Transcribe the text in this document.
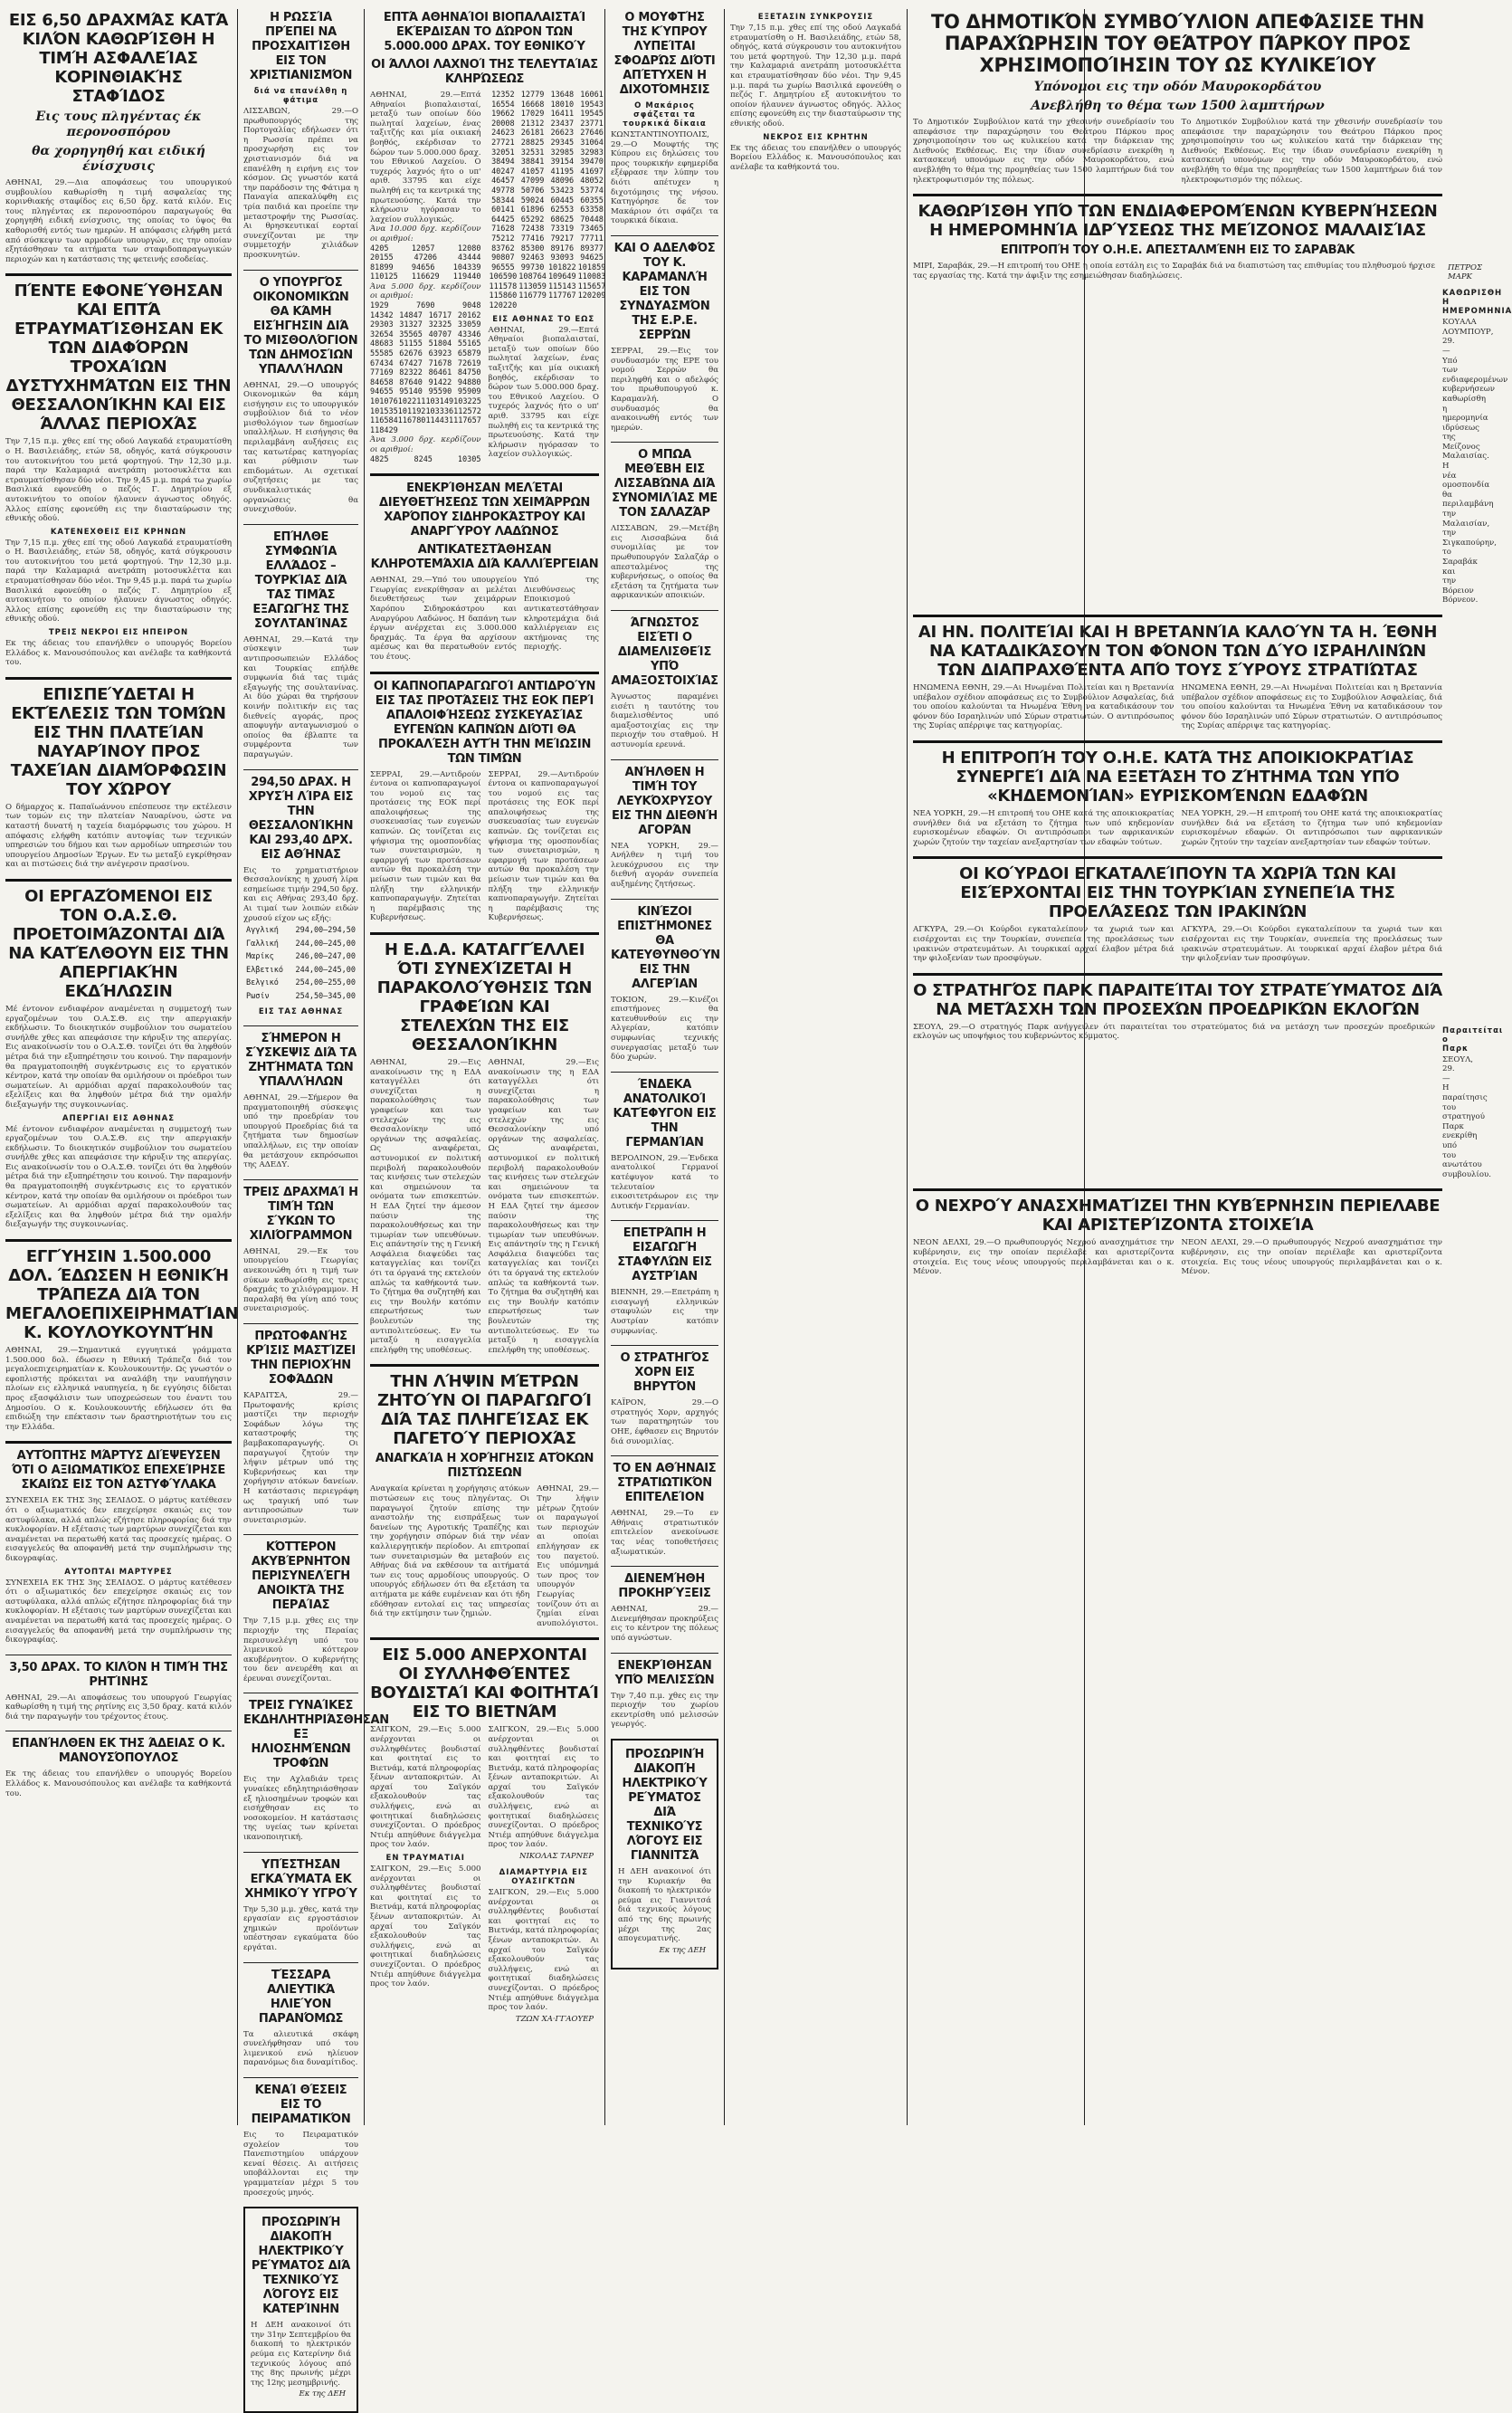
ΕΙΣ 6,50 ΔΡΑΧΜΆΣ ΚΑΤΆ ΚΙΛΌΝ ΚΑΘΩΡΊΣΘΗ Η ΤΙΜΉ ΑΣΦΑΛΕΊΑΣ ΚΟΡΙΝΘΙΑΚΉΣ ΣΤΑΦΊΔΟΣ
Εις τους πληγέντας έκ περονοσπόρου
θα χορηγηθή και ειδική ένίσχυσις

ΑΘΗΝΑΙ, 29.—Δια αποφάσεως του υπουργικού συμβουλίου καθωρίσθη η τιμή ασφαλείας της κορινθιακής σταφίδος εις 6,50 δρχ. κατά κιλόν. Εις τους πληγέντας εκ περονοσπόρου παραγωγούς θα χορηγηθή ειδική ενίσχυσις, της οποίας το ύψος θα καθορισθή εντός των ημερών. Η απόφασις ελήφθη μετά από σύσκεψιν των αρμοδίων υπουργών, εις την οποίαν εξητάσθησαν τα αιτήματα των σταφιδοπαραγωγικών περιοχών και η κατάστασις της φετεινής εσοδείας.

ΠΈΝΤΕ ΕΦΟΝΕΎΘΗΣΑΝ ΚΑΙ ΕΠΤΆ ΕΤΡΑΥΜΑΤΊΣΘΗΣΑΝ ΕΚ ΤΩΝ ΔΙΑΦΌΡΩΝ ΤΡΟΧΑΊΩΝ ΔΥΣΤΥΧΗΜΆΤΩΝ ΕΙΣ ΤΗΝ ΘΕΣΣΑΛΟΝΊΚΗΝ ΚΑΙ ΕΙΣ ΆΛΛΑΣ ΠΕΡΙΟΧΆΣ

Την 7,15 π.μ. χθες επί της οδού Λαγκαδά ετραυματίσθη ο Η. Βασιλειάδης, ετών 58, οδηγός, κατά σύγκρουσιν του αυτοκινήτου του μετά φορτηγού. Την 12,30 μ.μ. παρά την Καλαμαριά ανετράπη μοτοσυκλέττα και ετραυματίσθησαν δύο νέοι. Την 9,45 μ.μ. παρά τω χωρίω Βασιλικά εφονεύθη ο πεζός Γ. Δημητρίου εξ αυτοκινήτου το οποίον ήλαυνεν άγνωστος οδηγός. Άλλος επίσης εφονεύθη εις την διασταύρωσιν της εθνικής οδού.

ΚΑΤΕΝΕΧΘΕΙΣ ΕΙΣ ΚΡΗΝΩΝ

Την 7,15 π.μ. χθες επί της οδού Λαγκαδά ετραυματίσθη ο Η. Βασιλειάδης, ετών 58, οδηγός, κατά σύγκρουσιν του αυτοκινήτου του μετά φορτηγού. Την 12,30 μ.μ. παρά την Καλαμαριά ανετράπη μοτοσυκλέττα και ετραυματίσθησαν δύο νέοι. Την 9,45 μ.μ. παρά τω χωρίω Βασιλικά εφονεύθη ο πεζός Γ. Δημητρίου εξ αυτοκινήτου το οποίον ήλαυνεν άγνωστος οδηγός. Άλλος επίσης εφονεύθη εις την διασταύρωσιν της εθνικής οδού.

ΤΡΕΙΣ ΝΕΚΡΟΙ ΕΙΣ ΗΠΕΙΡΟΝ

Εκ της άδειας του επανήλθεν ο υπουργός Βορείου Ελλάδος κ. Μανουσόπουλος και ανέλαβε τα καθήκοντά του.

ΕΠΙΣΠΕΎΔΕΤΑΙ Η ΕΚΤΈΛΕΣΙΣ ΤΩΝ ΤΟΜΏΝ ΕΙΣ ΤΗΝ ΠΛΑΤΕΊΑΝ ΝΑΥΑΡΊΝΟΥ ΠΡΟΣ ΤΑΧΕΊΑΝ ΔΙΑΜΌΡΦΩΣΙΝ ΤΟΥ ΧΏΡΟΥ

Ο δήμαρχος κ. Παπαϊωάννου επέσπευσε την εκτέλεσιν των τομών εις την πλατείαν Ναυαρίνου, ώστε να καταστή δυνατή η ταχεία διαμόρφωσις του χώρου. Η απόφασις ελήφθη κατόπιν αυτοψίας των τεχνικών υπηρεσιών του δήμου και των αρμοδίων υπηρεσιών του υπουργείου Δημοσίων Έργων. Εν τω μεταξύ εγκρίθησαν και αι πιστώσεις διά την ανέγερσιν πρασίνου.

ΟΙ ΕΡΓΑΖΌΜΕΝΟΙ ΕΙΣ ΤΟΝ Ο.Α.Σ.Θ. ΠΡΟΕΤΟΙΜΆΖΟΝΤΑΙ ΔΙΆ ΝΑ ΚΑΤΈΛΘΟΥΝ ΕΙΣ ΤΗΝ ΑΠΕΡΓΙΑΚΉΝ ΕΚΔΉΛΩΣΙΝ

Μέ έντονον ενδιαφέρον αναμένεται η συμμετοχή των εργαζομένων του Ο.Α.Σ.Θ. εις την απεργιακήν εκδήλωσιν. Το διοικητικόν συμβούλιον του σωματείου συνήλθε χθες και απεφάσισε την κήρυξιν της απεργίας. Εις ανακοίνωσίν του ο Ο.Α.Σ.Θ. τονίζει ότι θα ληφθούν μέτρα διά την εξυπηρέτησιν του κοινού. Την παραμονήν θα πραγματοποιηθή συγκέντρωσις εις το εργατικόν κέντρον, κατά την οποίαν θα ομιλήσουν οι πρόεδροι των σωματείων. Αι αρμόδιαι αρχαί παρακολουθούν τας εξελίξεις και θα ληφθούν μέτρα διά την ομαλήν διεξαγωγήν της συγκοινωνίας.

ΑΠΕΡΓΙΑΙ ΕΙΣ ΑΘΗΝΑΣ

Μέ έντονον ενδιαφέρον αναμένεται η συμμετοχή των εργαζομένων του Ο.Α.Σ.Θ. εις την απεργιακήν εκδήλωσιν. Το διοικητικόν συμβούλιον του σωματείου συνήλθε χθες και απεφάσισε την κήρυξιν της απεργίας. Εις ανακοίνωσίν του ο Ο.Α.Σ.Θ. τονίζει ότι θα ληφθούν μέτρα διά την εξυπηρέτησιν του κοινού. Την παραμονήν θα πραγματοποιηθή συγκέντρωσις εις το εργατικόν κέντρον, κατά την οποίαν θα ομιλήσουν οι πρόεδροι των σωματείων. Αι αρμόδιαι αρχαί παρακολουθούν τας εξελίξεις και θα ληφθούν μέτρα διά την ομαλήν διεξαγωγήν της συγκοινωνίας.

ΕΓΓΎΗΣΙΝ 1.500.000 ΔΟΛ. ΈΔΩΣΕΝ Η ΕΘΝΙΚΉ ΤΡΆΠΕΖΑ ΔΙΆ ΤΟΝ ΜΕΓΑΛΟΕΠΙΧΕΙΡΗΜΑΤΊΑΝ Κ. ΚΟΥΛΟΥΚΟΥΝΤΉΝ

ΑΘΗΝΑΙ, 29.—Σημαντικά εγγυητικά γράμματα 1.500.000 δολ. έδωσεν η Εθνική Τράπεζα διά τον μεγαλοεπιχειρηματίαν κ. Κουλουκουντήν. Ως γνωστόν ο εφοπλιστής πρόκειται να αναλάβη την ναυπήγησιν πλοίων εις ελληνικά ναυπηγεία, η δε εγγύησις δίδεται προς εξασφάλισιν των υποχρεώσεων του έναντι του Δημοσίου. Ο κ. Κουλουκουντής εδήλωσεν ότι θα επιδιώξη την επέκτασιν των δραστηριοτήτων του εις την Ελλάδα.

ΑΥΤΌΠΤΗΣ ΜΆΡΤΥΣ ΔΙΈΨΕΥΣΕΝ ΌΤΙ Ο ΑΞΙΩΜΑΤΙΚΌΣ ΕΠΕΧΕΊΡΗΣΕ ΣΚΑΙΏΣ ΕΙΣ ΤΟΝ ΑΣΤΥΦΎΛΑΚΑ

ΣΥΝΕΧΕΙΑ ΕΚ ΤΗΣ 3ης ΣΕΛΙΔΟΣ. Ο μάρτυς κατέθεσεν ότι ο αξιωματικός δεν επεχείρησε σκαιώς εις τον αστυφύλακα, αλλά απλώς εζήτησε πληροφορίας διά την κυκλοφορίαν. Η εξέτασις των μαρτύρων συνεχίζεται και αναμένεται να περατωθή κατά τας προσεχείς ημέρας. Ο εισαγγελεύς θα αποφανθή μετά την συμπλήρωσιν της δικογραφίας.

ΑΥΤΟΠΤΑΙ ΜΑΡΤΥΡΕΣ

ΣΥΝΕΧΕΙΑ ΕΚ ΤΗΣ 3ης ΣΕΛΙΔΟΣ. Ο μάρτυς κατέθεσεν ότι ο αξιωματικός δεν επεχείρησε σκαιώς εις τον αστυφύλακα, αλλά απλώς εζήτησε πληροφορίας διά την κυκλοφορίαν. Η εξέτασις των μαρτύρων συνεχίζεται και αναμένεται να περατωθή κατά τας προσεχείς ημέρας. Ο εισαγγελεύς θα αποφανθή μετά την συμπλήρωσιν της δικογραφίας.

3,50 ΔΡΑΧ. ΤΟ ΚΙΛΌΝ Η ΤΙΜΉ ΤΗΣ ΡΗΤΊΝΗΣ

ΑΘΗΝΑΙ, 29.—Αι αποφάσεως του υπουργού Γεωργίας καθωρίσθη η τιμή της ρητίνης εις 3,50 δραχ. κατά κιλόν διά την παραγωγήν του τρέχοντος έτους.

ΕΠΑΝΉΛΘΕΝ ΕΚ ΤΗΣ ΆΔΕΙΑΣ Ο Κ. ΜΑΝΟΥΣΌΠΟΥΛΟΣ

Εκ της άδειας του επανήλθεν ο υπουργός Βορείου Ελλάδος κ. Μανουσόπουλος και ανέλαβε τα καθήκοντά του.

Η ΡΩΣΣΊΑ ΠΡΈΠΕΙ ΝΑ ΠΡΟΣΧΑΙΤΊΣΘΗ ΕΙΣ ΤΟΝ ΧΡΙΣΤΙΑΝΙΣΜΌΝ
διά να επανέλθη η φάτιμα

ΛΙΣΣΑΒΩΝ, 29.—Ο πρωθυπουργός της Πορτογαλίας εδήλωσεν ότι η Ρωσσία πρέπει να προσχωρήση εις τον χριστιανισμόν διά να επανέλθη η ειρήνη εις τον κόσμον. Ως γνωστόν κατά την παράδοσιν της Φάτιμα η Παναγία απεκαλύφθη εις τρία παιδιά και προείπε την μεταστροφήν της Ρωσσίας. Αι θρησκευτικαί εορταί συνεχίζονται με την συμμετοχήν χιλιάδων προσκυνητών.

Ο ΥΠΟΥΡΓΌΣ ΟΙΚΟΝΟΜΙΚΏΝ ΘΑ ΚΆΜΗ ΕΙΣΉΓΗΣΙΝ ΔΙΆ ΤΟ ΜΙΣΘΟΛΌΓΙΟΝ ΤΩΝ ΔΗΜΟΣΊΩΝ ΥΠΑΛΛΉΛΩΝ

ΑΘΗΝΑΙ, 29.—Ο υπουργός Οικονομικών θα κάμη εισήγησιν εις το υπουργικόν συμβούλιον διά το νέον μισθολόγιον των δημοσίων υπαλλήλων. Η εισήγησις θα περιλαμβάνη αυξήσεις εις τας κατωτέρας κατηγορίας και ρύθμισιν των επιδομάτων. Αι σχετικαί συζητήσεις με τας συνδικαλιστικάς οργανώσεις θα συνεχισθούν.

ΕΠΉΛΘΕ ΣΥΜΦΩΝΊΑ ΕΛΛΆΔΟΣ – ΤΟΥΡΚΊΑΣ ΔΙΆ ΤΑΣ ΤΙΜΆΣ ΕΞΑΓΩΓΉΣ ΤΗΣ ΣΟΥΛΤΑΝΊΝΑΣ

ΑΘΗΝΑΙ, 29.—Κατά την σύσκεψιν των αντιπροσωπειών Ελλάδος και Τουρκίας επήλθε συμφωνία διά τας τιμάς εξαγωγής της σουλτανίνας. Αι δύο χώραι θα τηρήσουν κοινήν πολιτικήν εις τας διεθνείς αγοράς, προς αποφυγήν ανταγωνισμού ο οποίος θα έβλαπτε τα συμφέροντα των παραγωγών.

294,50 ΔΡΑΧ. Η ΧΡΥΣΉ ΛΊΡΑ ΕΙΣ ΤΗΝ ΘΕΣΣΑΛΟΝΊΚΗΝ ΚΑΙ 293,40 ΔΡΧ. ΕΙΣ ΑΘΉΝΑΣ

Εις το χρηματιστήριον Θεσσαλονίκης η χρυσή λίρα εσημείωσε τιμήν 294,50 δρχ. και εις Αθήνας 293,40 δρχ. Αι τιμαί των λοιπών ειδών χρυσού είχον ως εξής:

Αγγλική	294,00—294,50
Γαλλική	244,00—245,00
Μαρίκς	246,00—247,00
Ελβετικό	244,00—245,00
Βελγικό	254,00—255,00
Ρωσίν	254,50—345,00
ΕΙΣ ΤΑΣ ΑΘΗΝΑΣ
ΣΉΜΕΡΟΝ Η ΣΎΣΚΕΨΙΣ ΔΙΆ ΤΑ ΖΗΤΉΜΑΤΑ ΤΩΝ ΥΠΑΛΛΉΛΩΝ

ΑΘΗΝΑΙ, 29.—Σήμερον θα πραγματοποιηθή σύσκεψις υπό την προεδρίαν του υπουργού Προεδρίας διά τα ζητήματα των δημοσίων υπαλλήλων, εις την οποίαν θα μετάσχουν εκπρόσωποι της ΑΔΕΔΥ.

ΤΡΕΙΣ ΔΡΑΧΜΑΊ Η ΤΙΜΉ ΤΩΝ ΣΎΚΩΝ ΤΟ ΧΙΛΙΌΓΡΑΜΜΟΝ

ΑΘΗΝΑΙ, 29.—Εκ του υπουργείου Γεωργίας ανεκοινώθη ότι η τιμή των σύκων καθωρίσθη εις τρεις δραχμάς το χιλιόγραμμον. Η παραλαβή θα γίνη από τους συνεταιρισμούς.

ΠΡΩΤΟΦΑΝΉΣ ΚΡΊΣΙΣ ΜΑΣΤΊΖΕΙ ΤΗΝ ΠΕΡΙΟΧΉΝ ΣΟΦΆΔΩΝ

ΚΑΡΔΙΤΣΑ, 29.—Πρωτοφανής κρίσις μαστίζει την περιοχήν Σοφάδων λόγω της καταστροφής της βαμβακοπαραγωγής. Οι παραγωγοί ζητούν την λήψιν μέτρων υπό της Κυβερνήσεως και την χορήγησιν ατόκων δανείων. Η κατάστασις περιεγράφη ως τραγική υπό των αντιπροσώπων των συνεταιρισμών.

ΚΌΤΤΕΡΟΝ ΑΚΥΒΈΡΝΗΤΟΝ ΠΕΡΙΣΥΝΕΛΈΓΗ ΑΝΟΙΚΤΆ ΤΗΣ ΠΕΡΑΊΑΣ

Την 7,15 μ.μ. χθες εις την περιοχήν της Περαίας περισυνελέγη υπό του λιμενικού κόττερον ακυβέρνητον. Ο κυβερνήτης του δεν ανευρέθη και αι έρευναι συνεχίζονται.

ΤΡΕΙΣ ΓΥΝΑΊΚΕΣ ΕΚΔΗΛΗΤΗΡΙΆΣΘΗΣΑΝ ΕΞ ΗΛΙΟΣΗΜΈΝΩΝ ΤΡΟΦΏΝ

Εις την Αχλαδιάν τρεις γυναίκες εδηλητηριάσθησαν εξ ηλιοσημένων τροφών και εισήχθησαν εις το νοσοκομείον. Η κατάστασις της υγείας των κρίνεται ικανοποιητική.

ΥΠΈΣΤΗΣΑΝ ΕΓΚΑΎΜΑΤΑ ΕΚ ΧΗΜΙΚΟΎ ΥΓΡΟΎ

Την 5,30 μ.μ. χθες, κατά την εργασίαν εις εργοστάσιον χημικών προϊόντων υπέστησαν εγκαύματα δύο εργάται.

ΤΈΣΣΑΡΑ ΑΛΙΕΥΤΙΚΆ ΗΛΙΕΎΟΝ ΠΑΡΑΝΌΜΩΣ

Τα αλιευτικά σκάφη συνελήφθησαν υπό του λιμενικού ενώ ηλίευον παρανόμως δια δυναμίτιδος.

ΚΕΝΑΊ ΘΈΣΕΙΣ ΕΙΣ ΤΟ ΠΕΙΡΑΜΑΤΙΚΌΝ

Εις το Πειραματικόν σχολείον του Πανεπιστημίου υπάρχουν κεναί θέσεις. Αι αιτήσεις υποβάλλονται εις την γραμματείαν μέχρι 5 του προσεχούς μηνός.

ΠΡΟΣΩΡΙΝΉ ΔΙΑΚΟΠΉ ΗΛΕΚΤΡΙΚΟΎ ΡΕΎΜΑΤΟΣ ΔΙΆ ΤΕΧΝΙΚΟΎΣ ΛΌΓΟΥΣ ΕΙΣ ΚΑΤΕΡΊΝΗΝ

Η ΔΕΗ ανακοινοί ότι την 31ην Σεπτεμβρίου θα διακοπή το ηλεκτρικόν ρεύμα εις Κατερίνην διά τεχνικούς λόγους από της 8ης πρωινής μέχρι της 12ης μεσημβρινής.

Εκ της ΔΕΗ
ΕΠΤΆ ΑΘΗΝΑΊΟΙ ΒΙΟΠΑΛΑΙΣΤΑΊ ΕΚΈΡΔΙΣΑΝ ΤΟ ΔΏΡΟΝ ΤΩΝ 5.000.000 ΔΡΑΧ. ΤΟΥ ΕΘΝΙΚΟΎ
ΟΙ ΆΛΛΟΙ ΛΑΧΝΟΊ ΤΗΣ ΤΕΛΕΥΤΑΊΑΣ ΚΛΗΡΏΣΕΩΣ

ΑΘΗΝΑΙ, 29.—Επτά Αθηναίοι βιοπαλαισταί, μεταξύ των οποίων δύο πωληταί λαχείων, ένας ταξιτζής και μία οικιακή βοηθός, εκέρδισαν το δώρον των 5.000.000 δραχ. του Εθνικού Λαχείου. Ο τυχερός λαχνός ήτο ο υπ' αριθ. 33795 και είχε πωληθή εις τα κεντρικά της πρωτευούσης. Κατά την κλήρωσιν ηγόρασαν το λαχείον συλλογικώς.

Άνα 10.000 δρχ. κερδίζουν οι αριθμοί:
4205	12057	12080
20155	47206	43444
81899 94656 104339
110125 116629 119440
Άνα 5.000 δρχ. κερδίζουν οι αριθμοί:
1929	7690	9048
14342 14847 16717 20162
29303 31327 32325 33059
32654 35565 40707 43346
48683 51155 51804 55165
55585 62676 63923 65879
67434 67427 71678 72619
77169 82322 86461 84750
84658 87640 91422 94880
94655 95140 95590 95909
101076 102211 103149 103225
101535 101192 103336 112572
116584 116780 114431 117657
118429
Άνα 3.000 δρχ. κερδίζουν οι αριθμοί:
4825	8245	10305
12352	12779	13648	16061
16554	16668	18010	19543
19662	17029	16411	19545
20008	21312	23437	23771
24623	26181	26623	27646
27721	28825	29345	31064
32051	32531	32985	32983
38494	38841	39154	39470
40247	41057	41195	41697
46457	47099	48096	48052
49778	50706	53423	53774
58344	59024	60445	60355
60141	61896	62553	63358
64425	65292	68625	70448
71628	72438	73319	73465
75212	77416	79217	77711
83762	85300	89176	89377
90807	92463	93093	94625
96555	99730	101822	101859
106590	108764	109649	110083
111578	113059	115143	115657
115860	116779	117767	120209
120220			
ΕΙΣ ΑΘΗΝΑΣ ΤΟ ΕΩΣ

ΑΘΗΝΑΙ, 29.—Επτά Αθηναίοι βιοπαλαισταί, μεταξύ των οποίων δύο πωληταί λαχείων, ένας ταξιτζής και μία οικιακή βοηθός, εκέρδισαν το δώρον των 5.000.000 δραχ. του Εθνικού Λαχείου. Ο τυχερός λαχνός ήτο ο υπ' αριθ. 33795 και είχε πωληθή εις τα κεντρικά της πρωτευούσης. Κατά την κλήρωσιν ηγόρασαν το λαχείον συλλογικώς.

ΕΝΕΚΡΊΘΗΣΑΝ ΜΕΛΈΤΑΙ ΔΙΕΥΘΕΤΉΣΕΩΣ ΤΩΝ ΧΕΙΜΆΡΡΩΝ ΧΑΡΌΠΟΥ ΣΙΔΗΡΟΚΆΣΤΡΟΥ ΚΑΙ ΑΝΑΡΓΎΡΟΥ ΛΑΔΏΝΟΣ
ΑΝΤΙΚΑΤΕΣΤΆΘΗΣΑΝ ΚΛΗΡΟΤΕΜΆΧΙΑ ΔΙΆ ΚΑΛΛΙΈΡΓΕΙΑΝ

ΑΘΗΝΑΙ, 29.—Υπό του υπουργείου Γεωργίας ενεκρίθησαν αι μελέται διευθετήσεως των χειμάρρων Χαρόπου Σιδηροκάστρου και Αναργύρου Λαδώνος. Η δαπάνη των έργων ανέρχεται εις 3.000.000 δραχμάς. Τα έργα θα αρχίσουν αμέσως και θα περατωθούν εντός του έτους.

Υπό της Διευθύνσεως Εποικισμού αντικατεστάθησαν κληροτεμάχια διά καλλιέργειαν εις ακτήμονας της περιοχής.

ΟΙ ΚΑΠΝΟΠΑΡΑΓΩΓΟΊ ΑΝΤΙΔΡΟΎΝ ΕΙΣ ΤΑΣ ΠΡΟΤΆΣΕΙΣ ΤΗΣ ΕΟΚ ΠΕΡΊ ΑΠΑΛΟΙΦΉΣΕΩΣ ΣΥΣΚΕΥΑΣΊΑΣ ΕΥΓΕΝΏΝ ΚΑΠΝΏΝ ΔΙΌΤΙ ΘΑ ΠΡΟΚΑΛΈΣΗ ΑΥΤΉ ΤΗΝ ΜΕΊΩΣΙΝ ΤΩΝ ΤΙΜΏΝ

ΣΕΡΡΑΙ, 29.—Αντιδρούν έντονα οι καπνοπαραγωγοί του νομού εις τας προτάσεις της ΕΟΚ περί απαλοιφήσεως της συσκευασίας των ευγενών καπνών. Ως τονίζεται εις ψήφισμα της ομοσπονδίας των συνεταιρισμών, η εφαρμογή των προτάσεων αυτών θα προκαλέση την μείωσιν των τιμών και θα πλήξη την ελληνικήν καπνοπαραγωγήν. Ζητείται η παρέμβασις της Κυβερνήσεως.

ΣΕΡΡΑΙ, 29.—Αντιδρούν έντονα οι καπνοπαραγωγοί του νομού εις τας προτάσεις της ΕΟΚ περί απαλοιφήσεως της συσκευασίας των ευγενών καπνών. Ως τονίζεται εις ψήφισμα της ομοσπονδίας των συνεταιρισμών, η εφαρμογή των προτάσεων αυτών θα προκαλέση την μείωσιν των τιμών και θα πλήξη την ελληνικήν καπνοπαραγωγήν. Ζητείται η παρέμβασις της Κυβερνήσεως.

Η Ε.Δ.Α. ΚΑΤΑΓΓΈΛΛΕΙ ΌΤΙ ΣΥΝΕΧΊΖΕΤΑΙ Η ΠΑΡΑΚΟΛΟΎΘΗΣΙΣ ΤΩΝ ΓΡΑΦΕΊΩΝ ΚΑΙ ΣΤΕΛΕΧΏΝ ΤΗΣ ΕΙΣ ΘΕΣΣΑΛΟΝΊΚΗΝ

ΑΘΗΝΑΙ, 29.—Εις ανακοίνωσιν της η ΕΔΑ καταγγέλλει ότι συνεχίζεται η παρακολούθησις των γραφείων και των στελεχών της εις Θεσσαλονίκην υπό οργάνων της ασφαλείας. Ως αναφέρεται, αστυνομικοί εν πολιτική περιβολή παρακολουθούν τας κινήσεις των στελεχών και σημειώνουν τα ονόματα των επισκεπτών. Η ΕΔΑ ζητεί την άμεσον παύσιν της παρακολουθήσεως και την τιμωρίαν των υπευθύνων. Εις απάντησίν της η Γενική Ασφάλεια διαψεύδει τας καταγγελίας και τονίζει ότι τα όργανά της εκτελούν απλώς τα καθήκοντά των. Το ζήτημα θα συζητηθή και εις την Βουλήν κατόπιν επερωτήσεως των βουλευτών της αντιπολιτεύσεως. Εν τω μεταξύ η εισαγγελία επελήφθη της υποθέσεως.

ΑΘΗΝΑΙ, 29.—Εις ανακοίνωσιν της η ΕΔΑ καταγγέλλει ότι συνεχίζεται η παρακολούθησις των γραφείων και των στελεχών της εις Θεσσαλονίκην υπό οργάνων της ασφαλείας. Ως αναφέρεται, αστυνομικοί εν πολιτική περιβολή παρακολουθούν τας κινήσεις των στελεχών και σημειώνουν τα ονόματα των επισκεπτών. Η ΕΔΑ ζητεί την άμεσον παύσιν της παρακολουθήσεως και την τιμωρίαν των υπευθύνων. Εις απάντησίν της η Γενική Ασφάλεια διαψεύδει τας καταγγελίας και τονίζει ότι τα όργανά της εκτελούν απλώς τα καθήκοντά των. Το ζήτημα θα συζητηθή και εις την Βουλήν κατόπιν επερωτήσεως των βουλευτών της αντιπολιτεύσεως. Εν τω μεταξύ η εισαγγελία επελήφθη της υποθέσεως.

ΤΗΝ ΛΉΨΙΝ ΜΈΤΡΩΝ ΖΗΤΟΎΝ ΟΙ ΠΑΡΑΓΩΓΟΊ ΔΙΆ ΤΑΣ ΠΛΗΓΕΊΣΑΣ ΕΚ ΠΑΓΕΤΟΎ ΠΕΡΙΟΧΆΣ
ΑΝΑΓΚΑΊΑ Η ΧΟΡΉΓΗΣΙΣ ΑΤΌΚΩΝ ΠΙΣΤΏΣΕΩΝ

Αναγκαία κρίνεται η χορήγησις ατόκων πιστώσεων εις τους πληγέντας. Οι παραγωγοί ζητούν επίσης την αναστολήν της εισπράξεως των δανείων της Αγροτικής Τραπέζης και την χορήγησιν σπόρων διά την νέαν καλλιεργητικήν περίοδον. Αι επιτροπαί των συνεταιρισμών θα μεταβούν εις Αθήνας διά να εκθέσουν τα αιτήματά των εις τους αρμοδίους υπουργούς. Ο υπουργός εδήλωσεν ότι θα εξετάση τα αιτήματα με κάθε ευμένειαν και ότι ήδη εδόθησαν εντολαί εις τας υπηρεσίας διά την εκτίμησιν των ζημιών.

ΑΘΗΝΑΙ, 29.—Την λήψιν μέτρων ζητούν οι παραγωγοί των περιοχών αι οποίαι επλήγησαν εκ του παγετού. Εις υπόμνημά των προς τον υπουργόν Γεωργίας τονίζουν ότι αι ζημίαι είναι ανυπολόγιστοι.

ΕΙΣ 5.000 ΑΝΕΡΧΟΝΤΑΙ ΟΙ ΣΥΛΛΗΦΘΈΝΤΕΣ ΒΟΥΔΙΣΤΑΊ ΚΑΙ ΦΟΙΤΗΤΑΊ ΕΙΣ ΤΟ ΒΙΕΤΝΆΜ

ΣΑΙΓΚΟΝ, 29.—Εις 5.000 ανέρχονται οι συλληφθέντες βουδισταί και φοιτηταί εις το Βιετνάμ, κατά πληροφορίας ξένων ανταποκριτών. Αι αρχαί του Σαϊγκόν εξακολουθούν τας συλλήψεις, ενώ αι φοιτητικαί διαδηλώσεις συνεχίζονται. Ο πρόεδρος Ντιέμ απηύθυνε διάγγελμα προς τον λαόν.

ΕΝ ΤΡΑΥΜΑΤΙΑΙ

ΣΑΙΓΚΟΝ, 29.—Εις 5.000 ανέρχονται οι συλληφθέντες βουδισταί και φοιτηταί εις το Βιετνάμ, κατά πληροφορίας ξένων ανταποκριτών. Αι αρχαί του Σαϊγκόν εξακολουθούν τας συλλήψεις, ενώ αι φοιτητικαί διαδηλώσεις συνεχίζονται. Ο πρόεδρος Ντιέμ απηύθυνε διάγγελμα προς τον λαόν.

ΣΑΙΓΚΟΝ, 29.—Εις 5.000 ανέρχονται οι συλληφθέντες βουδισταί και φοιτηταί εις το Βιετνάμ, κατά πληροφορίας ξένων ανταποκριτών. Αι αρχαί του Σαϊγκόν εξακολουθούν τας συλλήψεις, ενώ αι φοιτητικαί διαδηλώσεις συνεχίζονται. Ο πρόεδρος Ντιέμ απηύθυνε διάγγελμα προς τον λαόν.

ΝΙΚΟΛΑΣ ΤΑΡΝΕΡ
ΔΙΑΜΑΡΤΥΡΙΑ ΕΙΣ ΟΥΑΣΙΓΚΤΩΝ

ΣΑΙΓΚΟΝ, 29.—Εις 5.000 ανέρχονται οι συλληφθέντες βουδισταί και φοιτηταί εις το Βιετνάμ, κατά πληροφορίας ξένων ανταποκριτών. Αι αρχαί του Σαϊγκόν εξακολουθούν τας συλλήψεις, ενώ αι φοιτητικαί διαδηλώσεις συνεχίζονται. Ο πρόεδρος Ντιέμ απηύθυνε διάγγελμα προς τον λαόν.

ΤΖΩΝ ΧΑ·ΓΓΑΟΥΕΡ
Ο ΜΟΥΦΤΉΣ ΤΗΣ ΚΎΠΡΟΥ ΛΥΠΕΊΤΑΙ ΣΦΟΔΡΏΣ ΔΙΌΤΙ ΑΠΈΤΥΧΕΝ Η ΔΙΧΟΤΌΜΗΣΙΣ
Ο Μακάριος σφάζεται τα τουρκικά δίκαια

ΚΩΝΣΤΑΝΤΙΝΟΥΠΟΛΙΣ, 29.—Ο Μουφτής της Κύπρου εις δηλώσεις του προς τουρκικήν εφημερίδα εξέφρασε την λύπην του διότι απέτυχεν η διχοτόμησις της νήσου. Κατηγόρησε δε τον Μακάριον ότι σφάζει τα τουρκικά δίκαια.

ΚΑΙ Ο ΑΔΕΛΦΌΣ ΤΟΥ Κ. ΚΑΡΑΜΑΝΛΉ ΕΙΣ ΤΟΝ ΣΥΝΔΥΑΣΜΌΝ ΤΗΣ Ε.Ρ.Ε. ΣΕΡΡΏΝ

ΣΕΡΡΑΙ, 29.—Εις τον συνδυασμόν της ΕΡΕ του νομού Σερρών θα περιληφθή και ο αδελφός του πρωθυπουργού κ. Καραμανλή. Ο συνδυασμός θα ανακοινωθή εντός των ημερών.

Ο ΜΠΩΑ ΜΕΘΈΒΗ ΕΙΣ ΛΙΣΣΑΒΏΝΑ ΔΙΆ ΣΥΝΟΜΙΛΊΑΣ ΜΕ ΤΟΝ ΣΑΛΑΖΆΡ

ΛΙΣΣΑΒΩΝ, 29.—Μετέβη εις Λισσαβώνα διά συνομιλίας με τον πρωθυπουργόν Σαλαζάρ ο απεσταλμένος της κυβερνήσεως, ο οποίος θα εξετάση τα ζητήματα των αφρικανικών αποικιών.

ΆΓΝΩΣΤΟΣ ΕΙΣΈΤΙ Ο ΔΙΑΜΕΛΙΣΘΕΊΣ ΥΠΌ ΑΜΑΞΟΣΤΟΙΧΊΑΣ

Άγνωστος παραμένει εισέτι η ταυτότης του διαμελισθέντος υπό αμαξοστοιχίας εις την περιοχήν του σταθμού. Η αστυνομία ερευνά.

ΑΝΉΛΘΕΝ Η ΤΙΜΉ ΤΟΥ ΛΕΥΚΌΧΡΥΣΟΥ ΕΙΣ ΤΗΝ ΔΙΕΘΝΉ ΑΓΟΡΆΝ

ΝΕΑ ΥΟΡΚΗ, 29.—Ανήλθεν η τιμή του λευκόχρυσου εις την διεθνή αγοράν συνεπεία αυξημένης ζητήσεως.

ΚΙΝΈΖΟΙ ΕΠΙΣΤΉΜΟΝΕΣ ΘΑ ΚΑΤΕΥΘΥΝΘΟΎΝ ΕΙΣ ΤΗΝ ΑΛΓΕΡΊΑΝ

ΤΟΚΙΟΝ, 29.—Κινέζοι επιστήμονες θα κατευθυνθούν εις την Αλγερίαν, κατόπιν συμφωνίας τεχνικής συνεργασίας μεταξύ των δύο χωρών.

ΈΝΔΕΚΑ ΑΝΑΤΟΛΙΚΟΊ ΚΑΤΈΦΥΓΟΝ ΕΙΣ ΤΗΝ ΓΕΡΜΑΝΊΑΝ

ΒΕΡΟΛΙΝΟΝ, 29.—Ένδεκα ανατολικοί Γερμανοί κατέφυγον κατά το τελευταίον εικοσιτετράωρον εις την Δυτικήν Γερμανίαν.

ΕΠΕΤΡΆΠΗ Η ΕΙΣΑΓΩΓΉ ΣΤΑΦΥΛΏΝ ΕΙΣ ΑΥΣΤΡΊΑΝ

ΒΙΕΝΝΗ, 29.—Επετράπη η εισαγωγή ελληνικών σταφυλών εις την Αυστρίαν κατόπιν συμφωνίας.

Ο ΣΤΡΑΤΗΓΌΣ ΧΟΡΝ ΕΙΣ ΒΗΡΥΤΌΝ

ΚΑΪΡΟΝ, 29.—Ο στρατηγός Χορν, αρχηγός των παρατηρητών του ΟΗΕ, έφθασεν εις Βηρυτόν διά συνομιλίας.

ΤΟ ΕΝ ΑΘΉΝΑΙΣ ΣΤΡΑΤΙΩΤΙΚΌΝ ΕΠΙΤΕΛΕΊΟΝ

ΑΘΗΝΑΙ, 29.—Το εν Αθήναις στρατιωτικόν επιτελείον ανεκοίνωσε τας νέας τοποθετήσεις αξιωματικών.

ΔΙΕΝΕΜΉΘΗ ΠΡΟΚΗΡΎΞΕΙΣ

ΑΘΗΝΑΙ, 29.—Διενεμήθησαν προκηρύξεις εις το κέντρον της πόλεως υπό αγνώστων.

ΕΝΕΚΡΊΘΗΣΑΝ ΥΠΌ ΜΕΛΙΣΣΏΝ

Την 7,40 π.μ. χθες εις την περιοχήν του χωρίου εκεντρίσθη υπό μελισσών γεωργός.

ΠΡΟΣΩΡΙΝΉ ΔΙΑΚΟΠΉ ΗΛΕΚΤΡΙΚΟΎ ΡΕΎΜΑΤΟΣ ΔΙΆ ΤΕΧΝΙΚΟΎΣ ΛΌΓΟΥΣ ΕΙΣ ΓΙΑΝΝΙΤΣΆ

Η ΔΕΗ ανακοινοί ότι την Κυριακήν θα διακοπή το ηλεκτρικόν ρεύμα εις Γιαννιτσά διά τεχνικούς λόγους από της 6ης πρωινής μέχρι της 2ας απογευματινής.

Εκ της ΔΕΗ
ΤΟ ΔΗΜΟΤΙΚΌΝ ΣΥΜΒΟΎΛΙΟΝ ΑΠΕΦΆΣΙΣΕ ΤΗΝ ΠΑΡΑΧΏΡΗΣΙΝ ΤΟΥ ΘΕΆΤΡΟΥ ΠΆΡΚΟΥ ΠΡΟΣ ΧΡΗΣΙΜΟΠΟΊΗΣΙΝ ΤΟΥ ΩΣ ΚΥΛΙΚΕΊΟΥ
Υπόνομοι εις την οδόν Μαυροκορδάτου
Ανεβλήθη το θέμα των 1500 λαμπτήρων

Το Δημοτικόν Συμβούλιον κατά την χθεσινήν συνεδρίασίν του απεφάσισε την παραχώρησιν του Θεάτρου Πάρκου προς χρησιμοποίησιν του ως κυλικείου κατά την διάρκειαν της Διεθνούς Εκθέσεως. Εις την ίδιαν συνεδρίασιν ενεκρίθη η κατασκευή υπονόμων εις την οδόν Μαυροκορδάτου, ενώ ανεβλήθη το θέμα της προμηθείας των 1500 λαμπτήρων διά τον ηλεκτροφωτισμόν της πόλεως.

Το Δημοτικόν Συμβούλιον κατά την χθεσινήν συνεδρίασίν του απεφάσισε την παραχώρησιν του Θεάτρου Πάρκου προς χρησιμοποίησιν του ως κυλικείου κατά την διάρκειαν της Διεθνούς Εκθέσεως. Εις την ίδιαν συνεδρίασιν ενεκρίθη η κατασκευή υπονόμων εις την οδόν Μαυροκορδάτου, ενώ ανεβλήθη το θέμα της προμηθείας των 1500 λαμπτήρων διά τον ηλεκτροφωτισμόν της πόλεως.

ΚΑΘΩΡΊΣΘΗ ΥΠΌ ΤΩΝ ΕΝΔΙΑΦΕΡΟΜΈΝΩΝ ΚΥΒΕΡΝΉΣΕΩΝ Η ΗΜΕΡΟΜΗΝΊΑ ΙΔΡΎΣΕΩΣ ΤΗΣ ΜΕΊΖΟΝΟΣ ΜΑΛΑΙΣΊΑΣ
ΕΠΙΤΡΟΠΉ ΤΟΥ Ο.Η.Ε. ΑΠΕΣΤΑΛΜΈΝΗ ΕΙΣ ΤΟ ΣΑΡΑΒΆΚ

ΜΙΡΙ, Σαραβάκ, 29.—Η επιτροπή του ΟΗΕ η οποία εστάλη εις το Σαραβάκ διά να διαπιστώση τας επιθυμίας του πληθυσμού ήρχισε τας εργασίας της. Κατά την άφιξιν της εσημειώθησαν διαδηλώσεις.

ΠΕΤΡΟΣ ΜΑΡΚ
ΚΑΘΩΡΙΣΘΗ Η ΗΜΕΡΟΜΗΝΙΑ

ΚΟΥΑΛΑ ΛΟΥΜΠΟΥΡ, 29.—Υπό των ενδιαφερομένων κυβερνήσεων καθωρίσθη η ημερομηνία ιδρύσεως της Μείζονος Μαλαισίας. Η νέα ομοσπονδία θα περιλαμβάνη την Μαλαισίαν, την Σιγκαπούρην, το Σαραβάκ και την Βόρειον Βόρνεον.

ΑΙ ΗΝ. ΠΟΛΙΤΕΊΑΙ ΚΑΙ Η ΒΡΕΤΑΝΝΊΑ ΚΑΛΟΎΝ ΤΑ Η. ΈΘΝΗ ΝΑ ΚΑΤΑΔΙΚΆΣΟΥΝ ΤΟΝ ΦΌΝΟΝ ΤΩΝ ΔΎΟ ΙΣΡΑΗΛΙΝΏΝ ΤΩΝ ΔΙΑΠΡΑΧΘΈΝΤΑ ΑΠΌ ΤΟΥΣ ΣΎΡΟΥΣ ΣΤΡΑΤΙΏΤΑΣ

ΗΝΩΜΕΝΑ ΕΘΝΗ, 29.—Αι Ηνωμέναι Πολιτείαι και η Βρεταννία υπέβαλον σχέδιον αποφάσεως εις το Συμβούλιον Ασφαλείας, διά του οποίου καλούνται τα Ηνωμένα Έθνη να καταδικάσουν τον φόνον δύο Ισραηλινών υπό Σύρων στρατιωτών. Ο αντιπρόσωπος της Συρίας απέρριψε τας κατηγορίας.

ΗΝΩΜΕΝΑ ΕΘΝΗ, 29.—Αι Ηνωμέναι Πολιτείαι και η Βρεταννία υπέβαλον σχέδιον αποφάσεως εις το Συμβούλιον Ασφαλείας, διά του οποίου καλούνται τα Ηνωμένα Έθνη να καταδικάσουν τον φόνον δύο Ισραηλινών υπό Σύρων στρατιωτών. Ο αντιπρόσωπος της Συρίας απέρριψε τας κατηγορίας.

Η ΕΠΙΤΡΟΠΉ ΤΟΥ Ο.Η.Ε. ΚΑΤΆ ΤΗΣ ΑΠΟΙΚΙΟΚΡΑΤΊΑΣ ΣΥΝΕΡΓΕΊ ΔΙΆ ΝΑ ΕΞΕΤΆΣΗ ΤΟ ΖΉΤΗΜΑ ΤΩΝ ΥΠΌ «ΚΗΔΕΜΟΝΊΑΝ» ΕΥΡΙΣΚΟΜΈΝΩΝ ΕΔΑΦΏΝ

ΝΕΑ ΥΟΡΚΗ, 29.—Η επιτροπή του ΟΗΕ κατά της αποικιοκρατίας συνήλθεν διά να εξετάση το ζήτημα των υπό κηδεμονίαν ευρισκομένων εδαφών. Οι αντιπρόσωποι των αφρικανικών χωρών ζητούν την ταχείαν ανεξαρτησίαν των εδαφών τούτων.

ΝΕΑ ΥΟΡΚΗ, 29.—Η επιτροπή του ΟΗΕ κατά της αποικιοκρατίας συνήλθεν διά να εξετάση το ζήτημα των υπό κηδεμονίαν ευρισκομένων εδαφών. Οι αντιπρόσωποι των αφρικανικών χωρών ζητούν την ταχείαν ανεξαρτησίαν των εδαφών τούτων.

ΟΙ ΚΟΎΡΔΟΙ ΕΓΚΑΤΑΛΕΊΠΟΥΝ ΤΑ ΧΩΡΙΆ ΤΩΝ ΚΑΙ ΕΙΣΈΡΧΟΝΤΑΙ ΕΙΣ ΤΗΝ ΤΟΥΡΚΊΑΝ ΣΥΝΕΠΕΊΑ ΤΗΣ ΠΡΟΕΛΆΣΕΩΣ ΤΩΝ ΙΡΑΚΙΝΏΝ

ΑΓΚΥΡΑ, 29.—Οι Κούρδοι εγκαταλείπουν τα χωριά των και εισέρχονται εις την Τουρκίαν, συνεπεία της προελάσεως των ιρακινών στρατευμάτων. Αι τουρκικαί αρχαί έλαβον μέτρα διά την φιλοξενίαν των προσφύγων.

ΑΓΚΥΡΑ, 29.—Οι Κούρδοι εγκαταλείπουν τα χωριά των και εισέρχονται εις την Τουρκίαν, συνεπεία της προελάσεως των ιρακινών στρατευμάτων. Αι τουρκικαί αρχαί έλαβον μέτρα διά την φιλοξενίαν των προσφύγων.

Ο ΣΤΡΑΤΗΓΌΣ ΠΑΡΚ ΠΑΡΑΙΤΕΊΤΑΙ ΤΟΥ ΣΤΡΑΤΕΎΜΑΤΟΣ ΔΙΆ ΝΑ ΜΕΤΆΣΧΗ ΤΩΝ ΠΡΟΣΕΧΏΝ ΠΡΟΕΔΡΙΚΏΝ ΕΚΛΟΓΏΝ

ΣΕΟΥΛ, 29.—Ο στρατηγός Παρκ ανήγγειλεν ότι παραιτείται του στρατεύματος διά να μετάσχη των προσεχών προεδρικών εκλογών ως υποψήφιος του κυβερνώντος κόμματος.

Παραιτείται ο Παρκ

ΣΕΟΥΛ, 29.—Η παραίτησις του στρατηγού Παρκ ενεκρίθη υπό του ανωτάτου συμβουλίου.

Ο ΝΕΧΡΟΎ ΑΝΑΣΧΗΜΑΤΊΖΕΙ ΤΗΝ ΚΥΒΈΡΝΗΣΙΝ ΠΕΡΙΕΛΑΒΕ ΚΑΙ ΑΡΙΣΤΕΡΊΖΟΝΤΑ ΣΤΟΙΧΕΊΑ

ΝΕΟΝ ΔΕΛΧΙ, 29.—Ο πρωθυπουργός Νεχρού ανασχημάτισε την κυβέρνησιν, εις την οποίαν περιέλαβε και αριστερίζοντα στοιχεία. Εις τους νέους υπουργούς περιλαμβάνεται και ο κ. Μένον.

ΝΕΟΝ ΔΕΛΧΙ, 29.—Ο πρωθυπουργός Νεχρού ανασχημάτισε την κυβέρνησιν, εις την οποίαν περιέλαβε και αριστερίζοντα στοιχεία. Εις τους νέους υπουργούς περιλαμβάνεται και ο κ. Μένον.

ΕΞΕΤΑΣΙΝ ΣΥΝΚΡΟΥΣΙΣ

Την 7,15 π.μ. χθες επί της οδού Λαγκαδά ετραυματίσθη ο Η. Βασιλειάδης, ετών 58, οδηγός, κατά σύγκρουσιν του αυτοκινήτου του μετά φορτηγού. Την 12,30 μ.μ. παρά την Καλαμαριά ανετράπη μοτοσυκλέττα και ετραυματίσθησαν δύο νέοι. Την 9,45 μ.μ. παρά τω χωρίω Βασιλικά εφονεύθη ο πεζός Γ. Δημητρίου εξ αυτοκινήτου το οποίον ήλαυνεν άγνωστος οδηγός. Άλλος επίσης εφονεύθη εις την διασταύρωσιν της εθνικής οδού.

ΝΕΚΡΟΣ ΕΙΣ ΚΡΗΤΗΝ

Εκ της άδειας του επανήλθεν ο υπουργός Βορείου Ελλάδος κ. Μανουσόπουλος και ανέλαβε τα καθήκοντά του.
